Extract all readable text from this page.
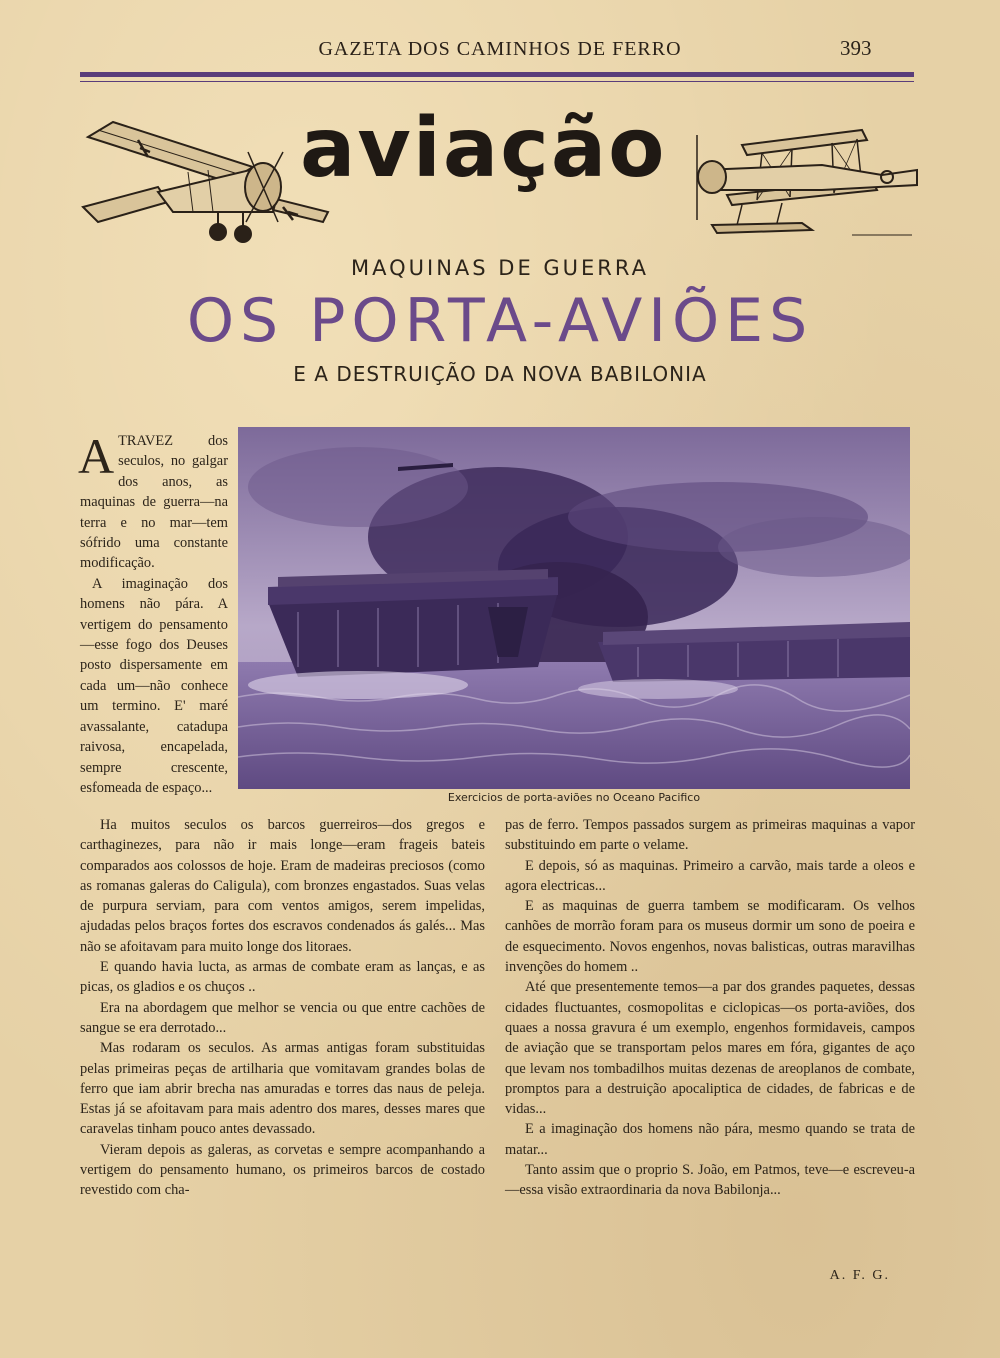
GAZETA DOS CAMINHOS DE FERRO	393
aviação
MAQUINAS DE GUERRA
OS PORTA-AVIÕES
E A DESTRUIÇÃO DA NOVA BABILONIA
Exercicios de porta-aviões no Oceano Pacifico

ATRAVEZ dos seculos, no galgar dos anos, as maquinas de guerra—na terra e no mar—tem sófrido uma constante modificação.

A imaginação dos homens não pára. A vertigem do pensamento—esse fogo dos Deuses posto dispersamente em cada um—não conhece um termino. E' maré avassalante, catadupa raivosa, encapelada, sempre crescente, esfomeada de espaço...

Ha muitos seculos os barcos guerreiros—dos gregos e carthaginezes, para não ir mais longe—eram frageis bateis comparados aos colossos de hoje. Eram de madeiras preciosos (como as romanas galeras do Caligula), com bronzes engastados. Suas velas de purpura serviam, para com ventos amigos, serem impelidas, ajudadas pelos braços fortes dos escravos condenados ás galés... Mas não se afoitavam para muito longe dos litoraes.

E quando havia lucta, as armas de combate eram as lanças, e as picas, os gladios e os chuços ..

Era na abordagem que melhor se vencia ou que entre cachões de sangue se era derrotado...

Mas rodaram os seculos. As armas antigas foram substituidas pelas primeiras peças de artilharia que vomitavam grandes bolas de ferro que iam abrir brecha nas amuradas e torres das naus de peleja. Estas já se afoitavam para mais adentro dos mares, desses mares que caravelas tinham pouco antes devassado.

Vieram depois as galeras, as corvetas e sempre acompanhando a vertigem do pensamento humano, os primeiros barcos de costado revestido com cha-

pas de ferro. Tempos passados surgem as primeiras maquinas a vapor substituindo em parte o velame.

E depois, só as maquinas. Primeiro a carvão, mais tarde a oleos e agora electricas...

E as maquinas de guerra tambem se modificaram. Os velhos canhões de morrão foram para os museus dormir um sono de poeira e de esquecimento. Novos engenhos, novas balisticas, outras maravilhas invenções do homem ..

Até que presentemente temos—a par dos grandes paquetes, dessas cidades fluctuantes, cosmopolitas e ciclopicas—os porta-aviões, dos quaes a nossa gravura é um exemplo, engenhos formidaveis, campos de aviação que se transportam pelos mares em fóra, gigantes de aço que levam nos tombadilhos muitas dezenas de areoplanos de combate, promptos para a destruição apocaliptica de cidades, de fabricas e de vidas...

E a imaginação dos homens não pára, mesmo quando se trata de matar...

Tanto assim que o proprio S. João, em Patmos, teve—e escreveu-a—essa visão extraordinaria da nova Babilonja...

A. F. G.
